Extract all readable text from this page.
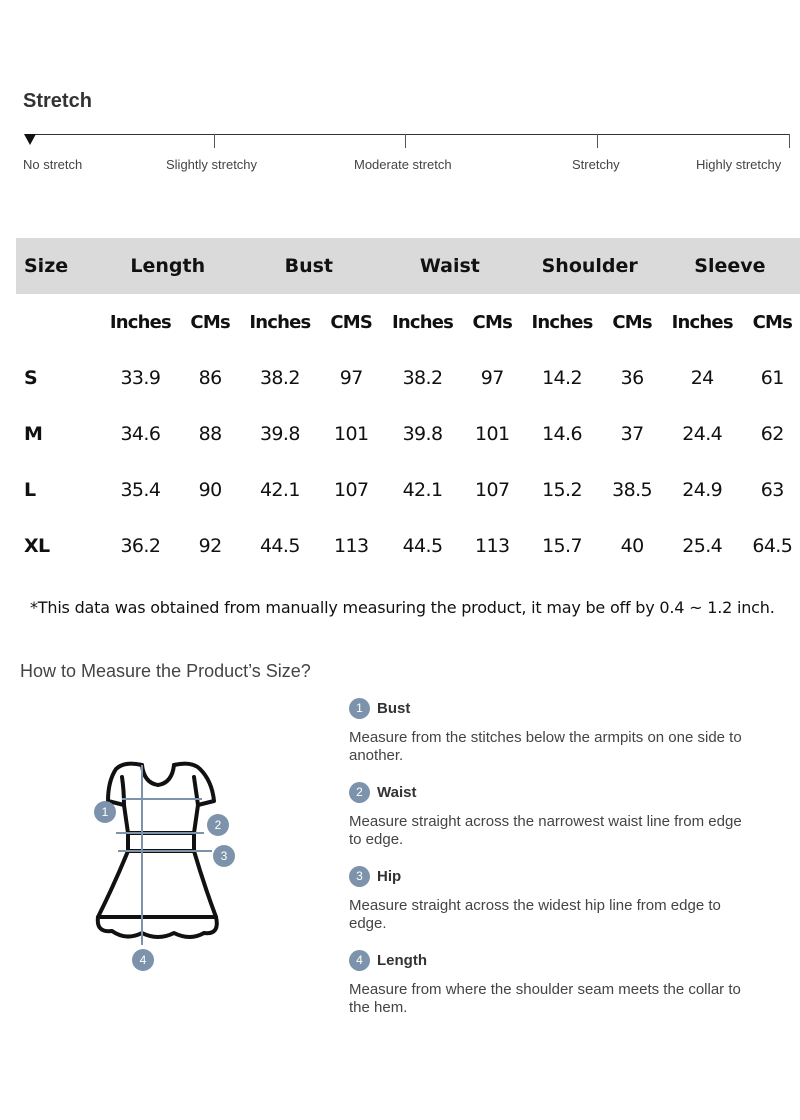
Stretch
No stretch	Slightly stretchy	Moderate stretch	Stretchy	Highly stretchy
Size	Length		Bust		Waist		Shoulder		Sleeve	
	Inches	CMs	Inches	CMS	Inches	CMs	Inches	CMs	Inches	CMs
S	33.9	86	38.2	97	38.2	97	14.2	36	24	61
M	34.6	88	39.8	101	39.8	101	14.6	37	24.4	62
L	35.4	90	42.1	107	42.1	107	15.2	38.5	24.9	63
XL	36.2	92	44.5	113	44.5	113	15.7	40	25.4	64.5
*This data was obtained from manually measuring the product, it may be off by 0.4 ~ 1.2 inch.
How to Measure the Product’s Size?
1
2
3
4
1 Bust
Measure from the stitches below the armpits on one side to another.
2 Waist
Measure straight across the narrowest waist line from edge to edge.
3 Hip
Measure straight across the widest hip line from edge to edge.
4 Length
Measure from where the shoulder seam meets the collar to the hem.
